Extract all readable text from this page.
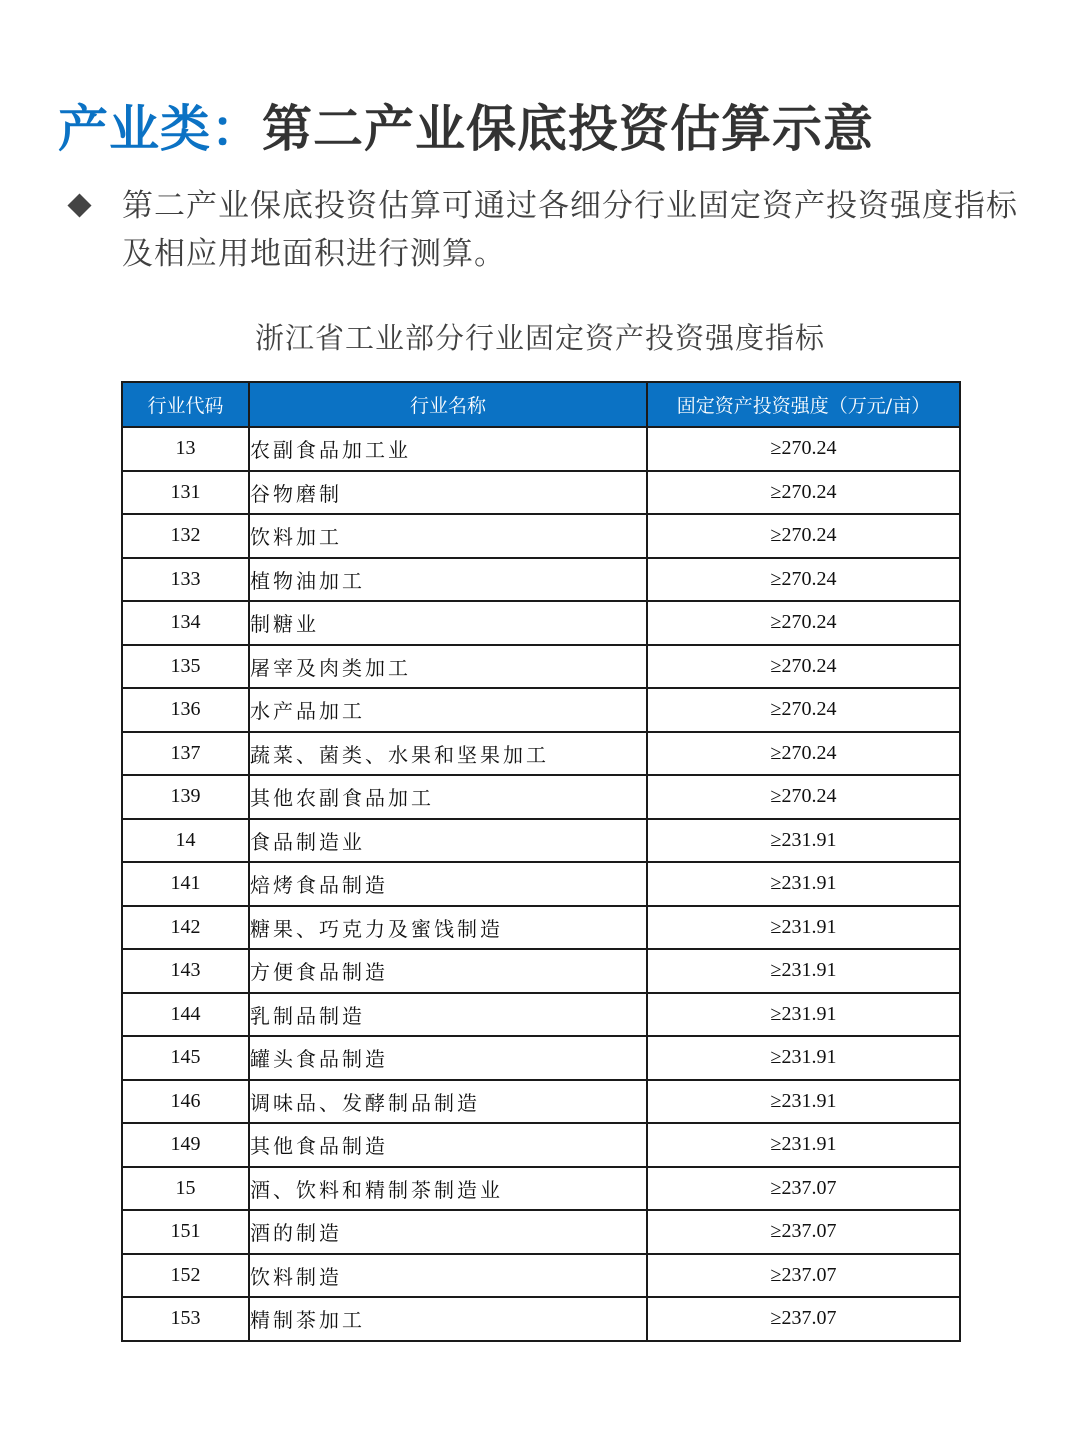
产业类：第二产业保底投资估算示意
第二产业保底投资估算可通过各细分行业固定资产投资强度指标及相应用地面积进行测算。
浙江省工业部分行业固定资产投资强度指标
行业代码	行业名称	固定资产投资强度（万元/亩）
13	农副食品加工业	≥270.24
131	谷物磨制	≥270.24
132	饮料加工	≥270.24
133	植物油加工	≥270.24
134	制糖业	≥270.24
135	屠宰及肉类加工	≥270.24
136	水产品加工	≥270.24
137	蔬菜、菌类、水果和坚果加工	≥270.24
139	其他农副食品加工	≥270.24
14	食品制造业	≥231.91
141	焙烤食品制造	≥231.91
142	糖果、巧克力及蜜饯制造	≥231.91
143	方便食品制造	≥231.91
144	乳制品制造	≥231.91
145	罐头食品制造	≥231.91
146	调味品、发酵制品制造	≥231.91
149	其他食品制造	≥231.91
15	酒、饮料和精制茶制造业	≥237.07
151	酒的制造	≥237.07
152	饮料制造	≥237.07
153	精制茶加工	≥237.07
